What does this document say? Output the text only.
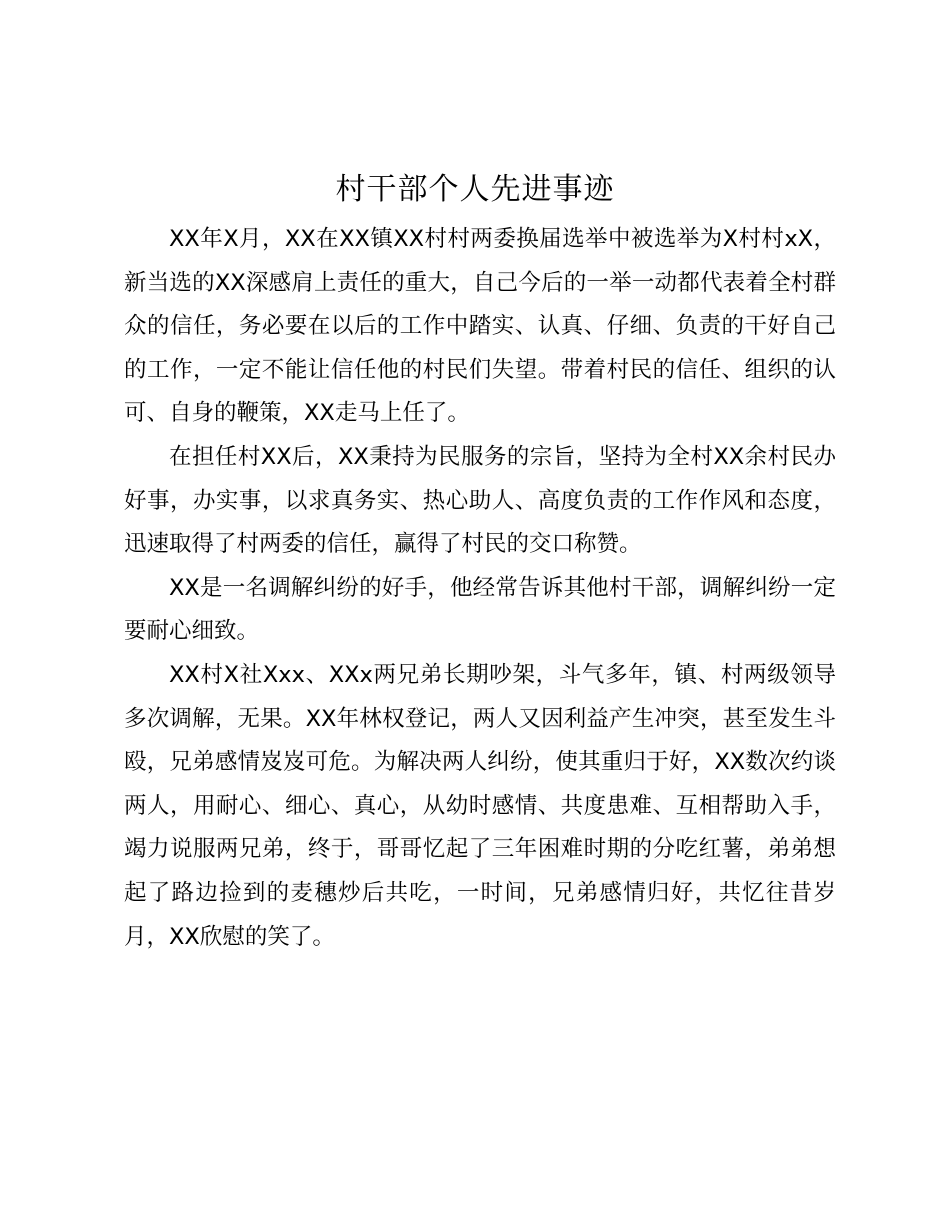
村干部个人先进事迹

XX年X月，XX在XX镇XX村村两委换届选举中被选举为X村村xX，新当选的XX深感肩上责任的重大，自己今后的一举一动都代表着全村群众的信任，务必要在以后的工作中踏实、认真、仔细、负责的干好自己的工作，一定不能让信任他的村民们失望。带着村民的信任、组织的认可、自身的鞭策，XX走马上任了。

在担任村XX后，XX秉持为民服务的宗旨，坚持为全村XX余村民办好事，办实事，以求真务实、热心助人、高度负责的工作作风和态度，迅速取得了村两委的信任，赢得了村民的交口称赞。

XX是一名调解纠纷的好手，他经常告诉其他村干部，调解纠纷一定要耐心细致。

XX村X社Xxx、XXx两兄弟长期吵架，斗气多年，镇、村两级领导多次调解，无果。XX年林权登记，两人又因利益产生冲突，甚至发生斗殴，兄弟感情岌岌可危。为解决两人纠纷，使其重归于好，XX数次约谈两人，用耐心、细心、真心，从幼时感情、共度患难、互相帮助入手，竭力说服两兄弟，终于，哥哥忆起了三年困难时期的分吃红薯，弟弟想起了路边捡到的麦穗炒后共吃，一时间，兄弟感情归好，共忆往昔岁月，XX欣慰的笑了。
